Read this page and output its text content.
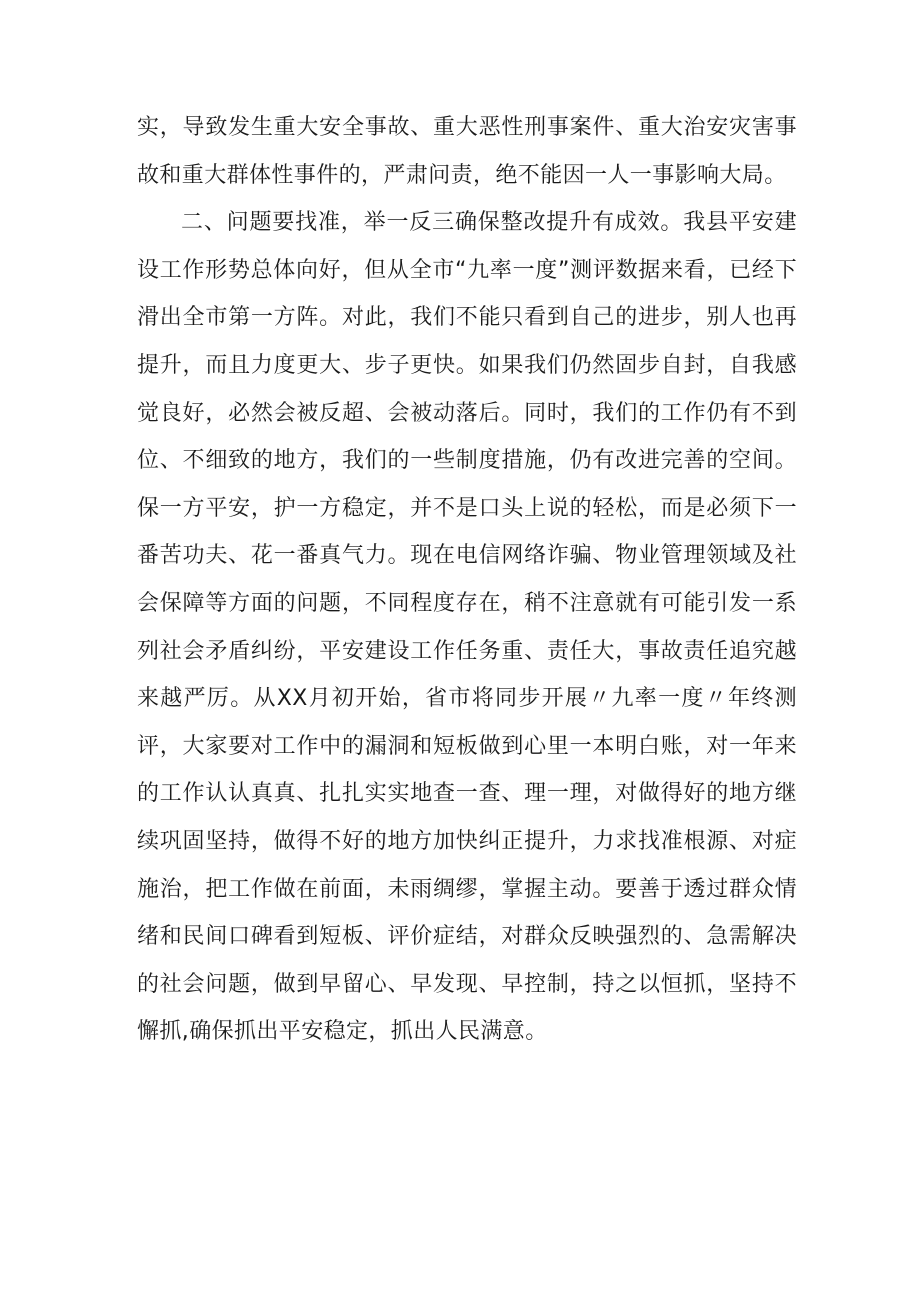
实，导致发生重大安全事故、重大恶性刑事案件、重大治安灾害事故和重大群体性事件的，严肃问责，绝不能因一人一事影响大局。

二、问题要找准，举一反三确保整改提升有成效。我县平安建设工作形势总体向好，但从全市“九率一度”测评数据来看，已经下滑出全市第一方阵。对此，我们不能只看到自己的进步，别人也再提升，而且力度更大、步子更快。如果我们仍然固步自封，自我感觉良好，必然会被反超、会被动落后。同时，我们的工作仍有不到位、不细致的地方，我们的一些制度措施，仍有改进完善的空间。保一方平安，护一方稳定，并不是口头上说的轻松，而是必须下一番苦功夫、花一番真气力。现在电信网络诈骗、物业管理领域及社会保障等方面的问题，不同程度存在，稍不注意就有可能引发一系列社会矛盾纠纷，平安建设工作任务重、责任大，事故责任追究越来越严厉。从XX月初开始，省市将同步开展〃九率一度〃年终测评，大家要对工作中的漏洞和短板做到心里一本明白账，对一年来的工作认认真真、扎扎实实地查一查、理一理，对做得好的地方继续巩固坚持，做得不好的地方加快纠正提升，力求找准根源、对症施治，把工作做在前面，未雨绸缪，掌握主动。要善于透过群众情绪和民间口碑看到短板、评价症结，对群众反映强烈的、急需解决的社会问题，做到早留心、早发现、早控制，持之以恒抓，坚持不懈抓,确保抓出平安稳定，抓出人民满意。
